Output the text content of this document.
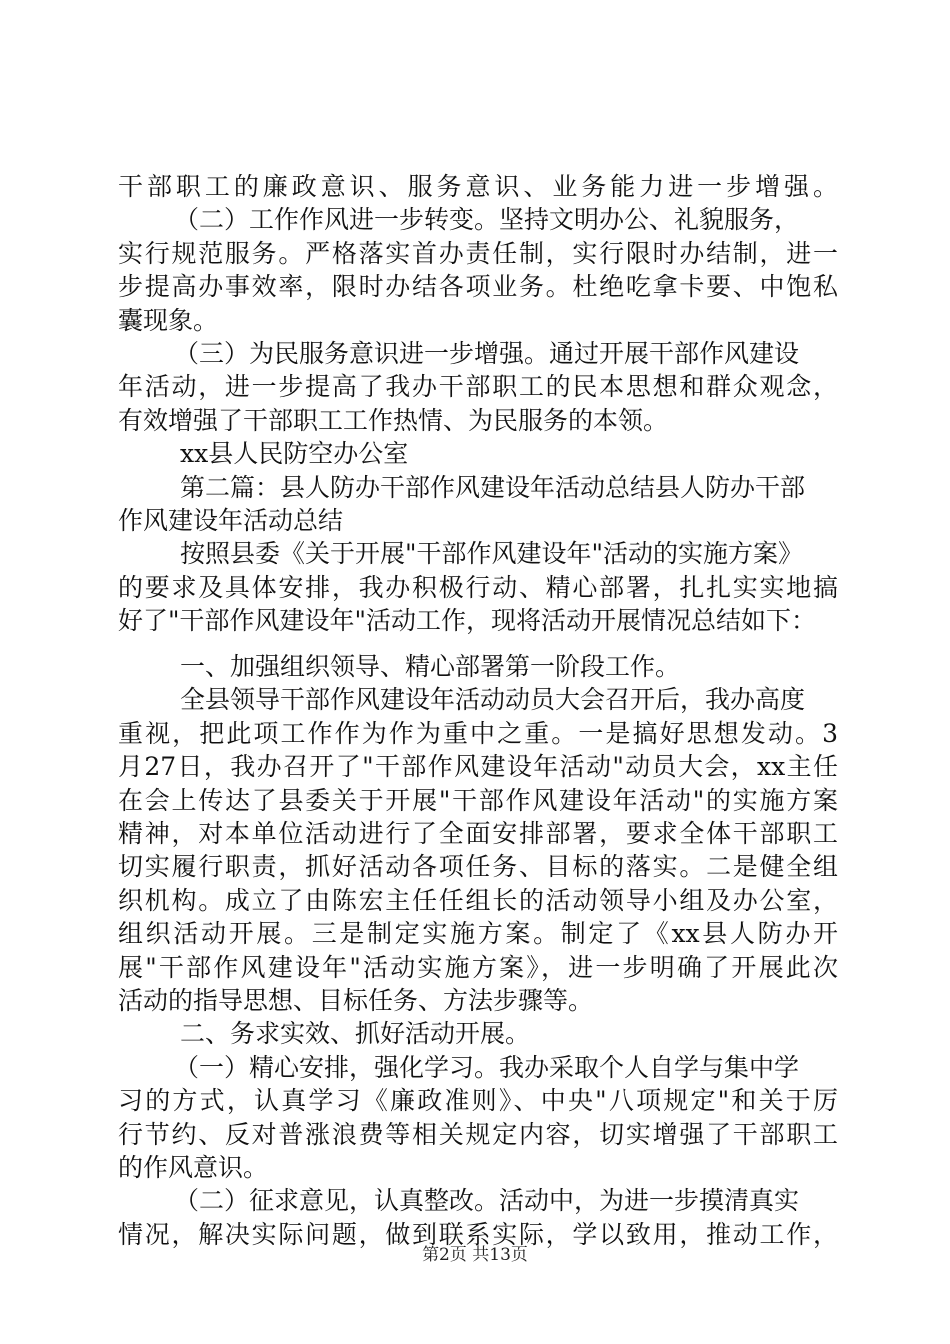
干部职工的廉政意识、服务意识、业务能力进一步增强。
（二）工作作风进一步转变。坚持文明办公、礼貌服务，
实行规范服务。严格落实首办责任制，实行限时办结制，进一
步提高办事效率，限时办结各项业务。杜绝吃拿卡要、中饱私
囊现象。
（三）为民服务意识进一步增强。通过开展干部作风建设
年活动，进一步提高了我办干部职工的民本思想和群众观念，
有效增强了干部职工工作热情、为民服务的本领。
xx县人民防空办公室
第二篇：县人防办干部作风建设年活动总结县人防办干部
作风建设年活动总结
按照县委《关于开展"干部作风建设年"活动的实施方案》
的要求及具体安排，我办积极行动、精心部署，扎扎实实地搞
好了"干部作风建设年"活动工作，现将活动开展情况总结如下：
一、加强组织领导、精心部署第一阶段工作。
全县领导干部作风建设年活动动员大会召开后，我办高度
重视，把此项工作作为作为重中之重。一是搞好思想发动。3
月27日，我办召开了"干部作风建设年活动"动员大会，xx主任
在会上传达了县委关于开展"干部作风建设年活动"的实施方案
精神，对本单位活动进行了全面安排部署，要求全体干部职工
切实履行职责，抓好活动各项任务、目标的落实。二是健全组
织机构。成立了由陈宏主任任组长的活动领导小组及办公室，
组织活动开展。三是制定实施方案。制定了《xx县人防办开
展"干部作风建设年"活动实施方案》，进一步明确了开展此次
活动的指导思想、目标任务、方法步骤等。
二、务求实效、抓好活动开展。
（一）精心安排，强化学习。我办采取个人自学与集中学
习的方式，认真学习《廉政准则》、中央"八项规定"和关于厉
行节约、反对普涨浪费等相关规定内容，切实增强了干部职工
的作风意识。
（二）征求意见，认真整改。活动中，为进一步摸清真实
情况，解决实际问题，做到联系实际，学以致用，推动工作，
第2页 共13页
